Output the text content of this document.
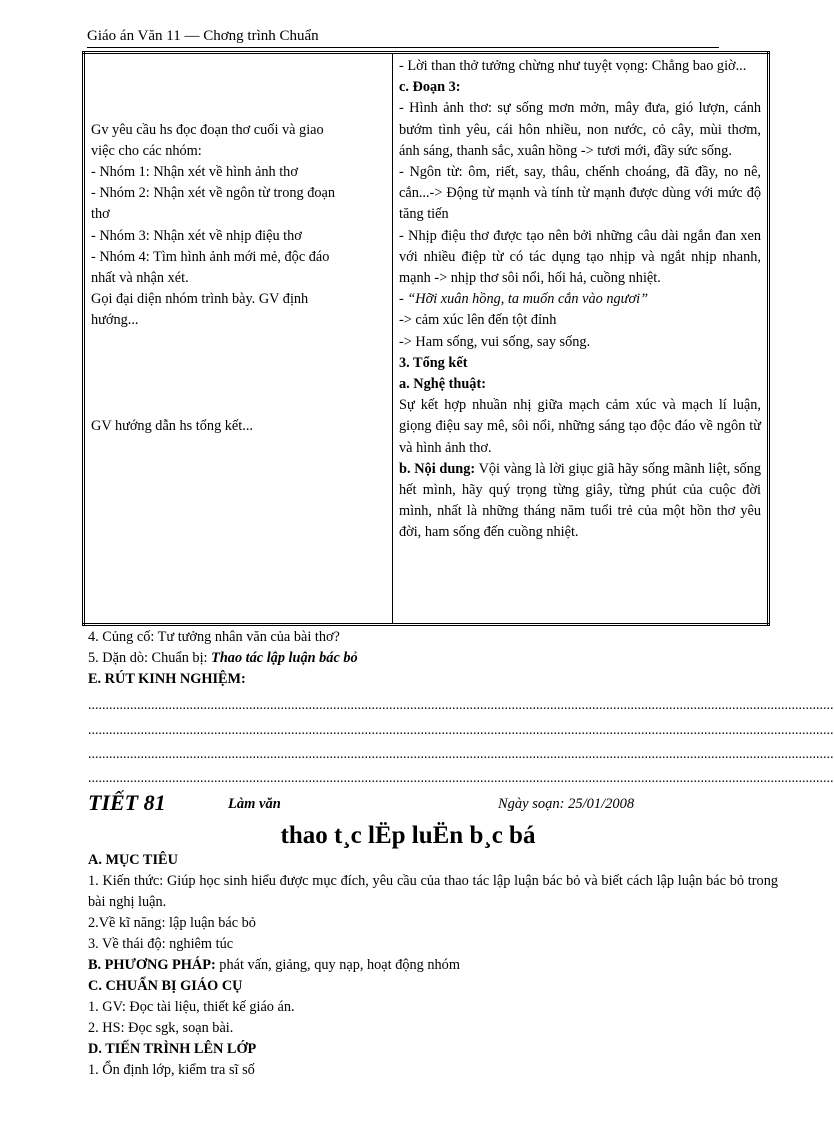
Giáo án Văn 11 — Chơng trình Chuẩn
Gv yêu cầu hs đọc đoạn thơ cuối và giao
việc cho các nhóm:
- Nhóm 1: Nhận xét về hình ảnh thơ
- Nhóm 2: Nhận xét về ngôn từ trong đoạn
thơ
- Nhóm 3: Nhận xét về nhịp điệu thơ
- Nhóm 4: Tìm hình ảnh mới mẻ, độc đáo
nhất và nhận xét.
Gọi đại diện nhóm trình bày. GV định
hướng...
GV hướng dẫn hs tổng kết...

- Lời than thở tưởng chừng như tuyệt vọng: Chẳng bao giờ...
c. Đoạn 3:
- Hình ảnh thơ: sự sống mơn mởn, mây đưa, gió lượn, cánh bướm tình yêu, cái hôn nhiều, non nước, cỏ cây, mùi thơm, ánh sáng, thanh sắc, xuân hồng -> tươi mới, đầy sức sống.
- Ngôn từ: ôm, riết, say, thâu, chếnh choáng, đã đầy, no nê, cắn...-> Động từ mạnh và tính từ mạnh được dùng với mức độ tăng tiến
- Nhịp điệu thơ được tạo nên bởi những câu dài ngắn đan xen với nhiều điệp từ có tác dụng tạo nhịp và ngắt nhịp nhanh, mạnh -> nhịp thơ sôi nổi, hối hả, cuồng nhiệt.
- “Hỡi xuân hồng, ta muốn cắn vào ngươi”
-> cảm xúc lên đến tột đỉnh
-> Ham sống, vui sống, say sống.
3. Tổng kết
a. Nghệ thuật:
Sự kết hợp nhuần nhị giữa mạch cảm xúc và mạch lí luận, giọng điệu say mê, sôi nổi, những sáng tạo độc đáo về ngôn từ và hình ảnh thơ.
b. Nội dung: Vội vàng là lời giục giã hãy sống mãnh liệt, sống hết mình, hãy quý trọng từng giây, từng phút của cuộc đời mình, nhất là những tháng năm tuổi trẻ của một hồn thơ yêu đời, ham sống đến cuồng nhiệt.
4. Củng cố: Tư tưởng nhân văn của bài thơ?
5. Dặn dò: Chuẩn bị: Thao tác lập luận bác bỏ
E. RÚT KINH NGHIỆM:
.....................................................................................................................................................................................................................
.....................................................................................................................................................................................................................
.....................................................................................................................................................................................................................
.....................................................................................................................................................................................................................
TIẾT 81	Làm văn	Ngày soạn: 25/01/2008
thao t¸c lËp luËn b¸c bá
A. MỤC TIÊU
1. Kiến thức: Giúp học sinh hiểu được mục đích, yêu cầu của thao tác lập luận bác bỏ và biết cách lập luận bác bỏ trong bài nghị luận.
2.Về kĩ năng: lập luận bác bỏ
3. Về thái độ: nghiêm túc
B. PHƯƠNG PHÁP: phát vấn, giảng, quy nạp, hoạt động nhóm
C. CHUẨN BỊ GIÁO CỤ
1. GV: Đọc tài liệu, thiết kế giáo án.
2. HS: Đọc sgk, soạn bài.
D. TIẾN TRÌNH LÊN LỚP
1. Ổn định lớp, kiểm tra sĩ số
